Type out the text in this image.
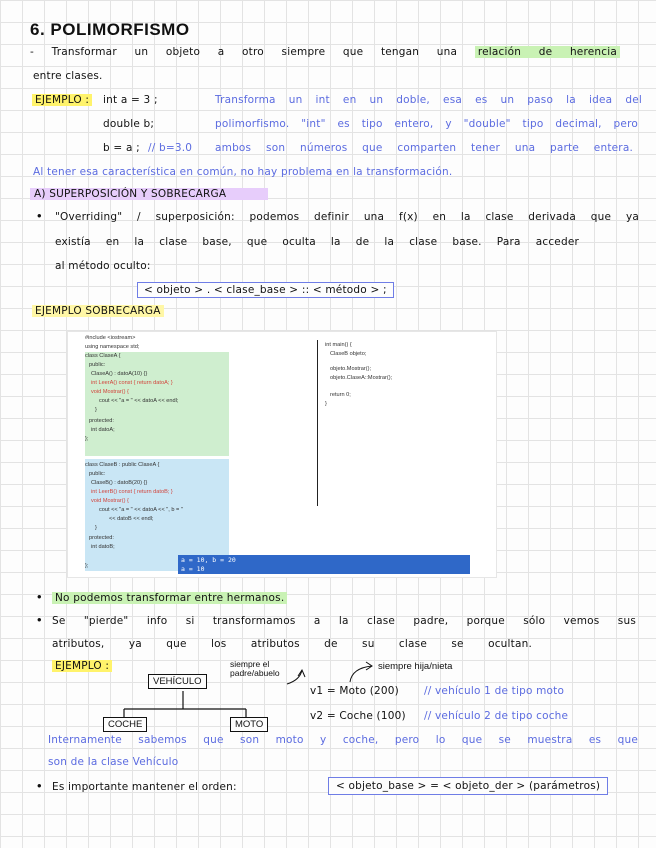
6. POLIMORFISMO
- Transformar un objeto a otro siempre que tengan una relación de herencia
entre clases.
EJEMPLO : int a = 3 ;
double b;
b = a ; // b=3.0
Transforma un int en un doble, esa es un paso la idea del
polimorfismo. "int" es tipo entero, y "double" tipo decimal, pero
ambos son números que comparten tener una parte entera.
Al tener esa característica en común, no hay problema en la transformación.
A) SUPERPOSICIÓN Y SOBRECARGA
• "Overriding" / superposición: podemos definir una f(x) en la clase derivada que ya
existía en la clase base, que oculta la de la clase base. Para acceder
al método oculto:
< objeto > . < clase_base > :: < método > ;
EJEMPLO SOBRECARGA
#include <iostream>
using namespace std;
class ClaseA {
public:
ClaseA() : datoA(10) {}
int LeerA() const { return datoA; }
void Mostrar() {
cout << "a = " << datoA << endl;
}
protected:
int datoA;
};
class ClaseB : public ClaseA {
public:
ClaseB() : datoB(20) {}
int LeerB() const { return datoB; }
void Mostrar() {
cout << "a = " << datoA << ", b = "
<< datoB << endl;
}
protected:
int datoB;
};
int main() {
ClaseB objeto;
objeto.Mostrar();
objeto.ClaseA::Mostrar();
return 0;
}
a = 10, b = 20
a = 10
• No podemos transformar entre hermanos.
• Se "pierde" info si transformamos a la clase padre, porque sólo vemos sus
atributos, ya que los atributos de su clase se ocultan.
EJEMPLO :
VEHÍCULO
COCHE	MOTO
siempre el
padre/abuelo
siempre hija/nieta
v1 = Moto (200) // vehículo 1 de tipo moto
v2 = Coche (100) // vehículo 2 de tipo coche
Internamente sabemos que son moto y coche, pero lo que se muestra es que
son de la clase Vehículo
• Es importante mantener el orden:	< objeto_base > = < objeto_der > (parámetros)
